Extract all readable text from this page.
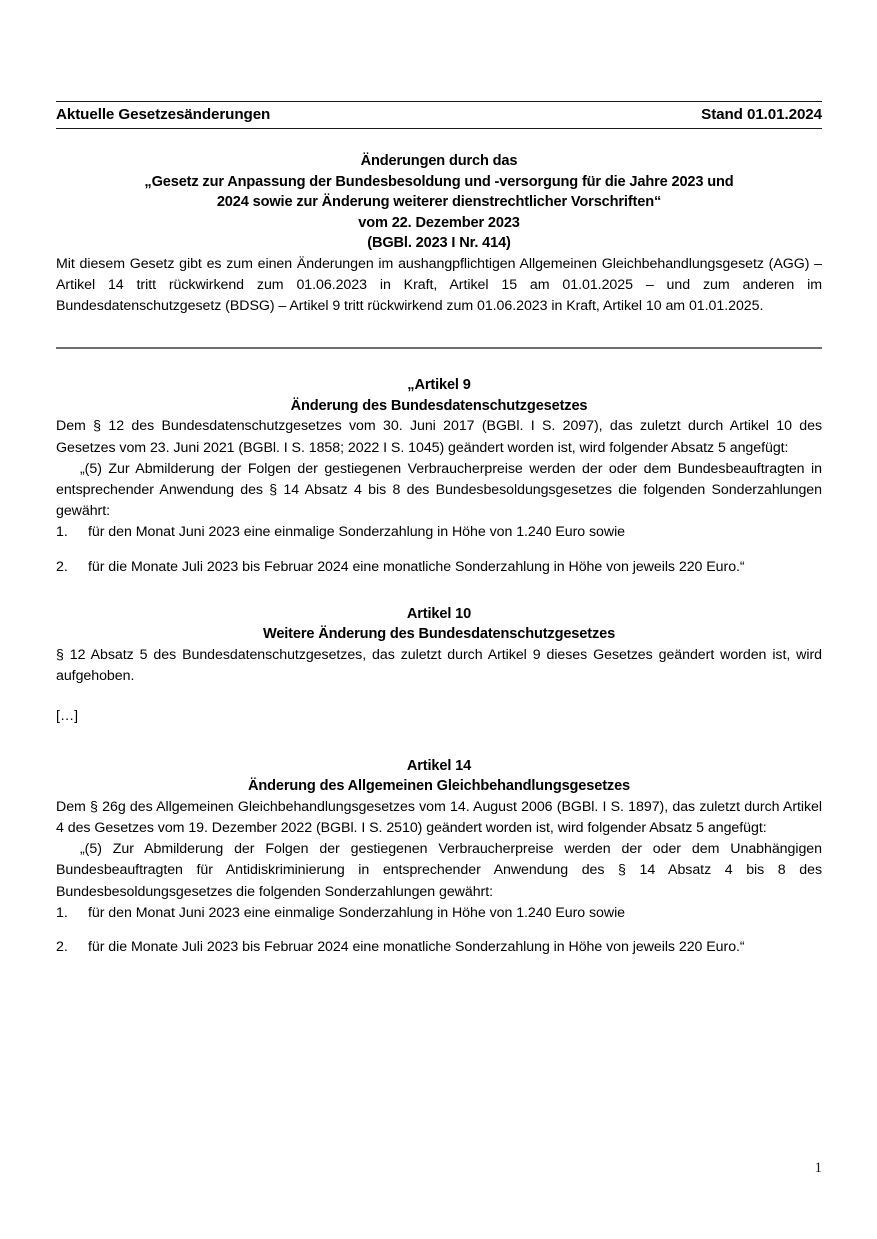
Aktuelle Gesetzesänderungen	Stand 01.01.2024
Änderungen durch das
„Gesetz zur Anpassung der Bundesbesoldung und -versorgung für die Jahre 2023 und
2024 sowie zur Änderung weiterer dienstrechtlicher Vorschriften“
vom 22. Dezember 2023
(BGBl. 2023 I Nr. 414)

Mit diesem Gesetz gibt es zum einen Änderungen im aushangpflichtigen Allgemeinen Gleichbehandlungsgesetz (AGG) – Artikel 14 tritt rückwirkend zum 01.06.2023 in Kraft, Artikel 15 am 01.01.2025 – und zum anderen im Bundesdatenschutzgesetz (BDSG) – Artikel 9 tritt rückwirkend zum 01.06.2023 in Kraft, Artikel 10 am 01.01.2025.

„Artikel 9
Änderung des Bundesdatenschutzgesetzes

Dem § 12 des Bundesdatenschutzgesetzes vom 30. Juni 2017 (BGBl. I S. 2097), das zuletzt durch Artikel 10 des Gesetzes vom 23. Juni 2021 (BGBl. I S. 1858; 2022 I S. 1045) geändert worden ist, wird folgender Absatz 5 angefügt:

„(5) Zur Abmilderung der Folgen der gestiegenen Verbraucherpreise werden der oder dem Bundesbeauftragten in entsprechender Anwendung des § 14 Absatz 4 bis 8 des Bundesbesoldungsgesetzes die folgenden Sonderzahlungen gewährt:

1.	für den Monat Juni 2023 eine einmalige Sonderzahlung in Höhe von 1.240 Euro sowie
2.	für die Monate Juli 2023 bis Februar 2024 eine monatliche Sonderzahlung in Höhe von jeweils 220 Euro.“
Artikel 10
Weitere Änderung des Bundesdatenschutzgesetzes

§ 12 Absatz 5 des Bundesdatenschutzgesetzes, das zuletzt durch Artikel 9 dieses Gesetzes geändert worden ist, wird aufgehoben.

[…]

Artikel 14
Änderung des Allgemeinen Gleichbehandlungsgesetzes

Dem § 26g des Allgemeinen Gleichbehandlungsgesetzes vom 14. August 2006 (BGBl. I S. 1897), das zuletzt durch Artikel 4 des Gesetzes vom 19. Dezember 2022 (BGBl. I S. 2510) geändert worden ist, wird folgender Absatz 5 angefügt:

„(5) Zur Abmilderung der Folgen der gestiegenen Verbraucherpreise werden der oder dem Unabhängigen Bundesbeauftragten für Antidiskriminierung in entsprechender Anwendung des § 14 Absatz 4 bis 8 des Bundesbesoldungsgesetzes die folgenden Sonderzahlungen gewährt:

1.	für den Monat Juni 2023 eine einmalige Sonderzahlung in Höhe von 1.240 Euro sowie
2.	für die Monate Juli 2023 bis Februar 2024 eine monatliche Sonderzahlung in Höhe von jeweils 220 Euro.“
1
